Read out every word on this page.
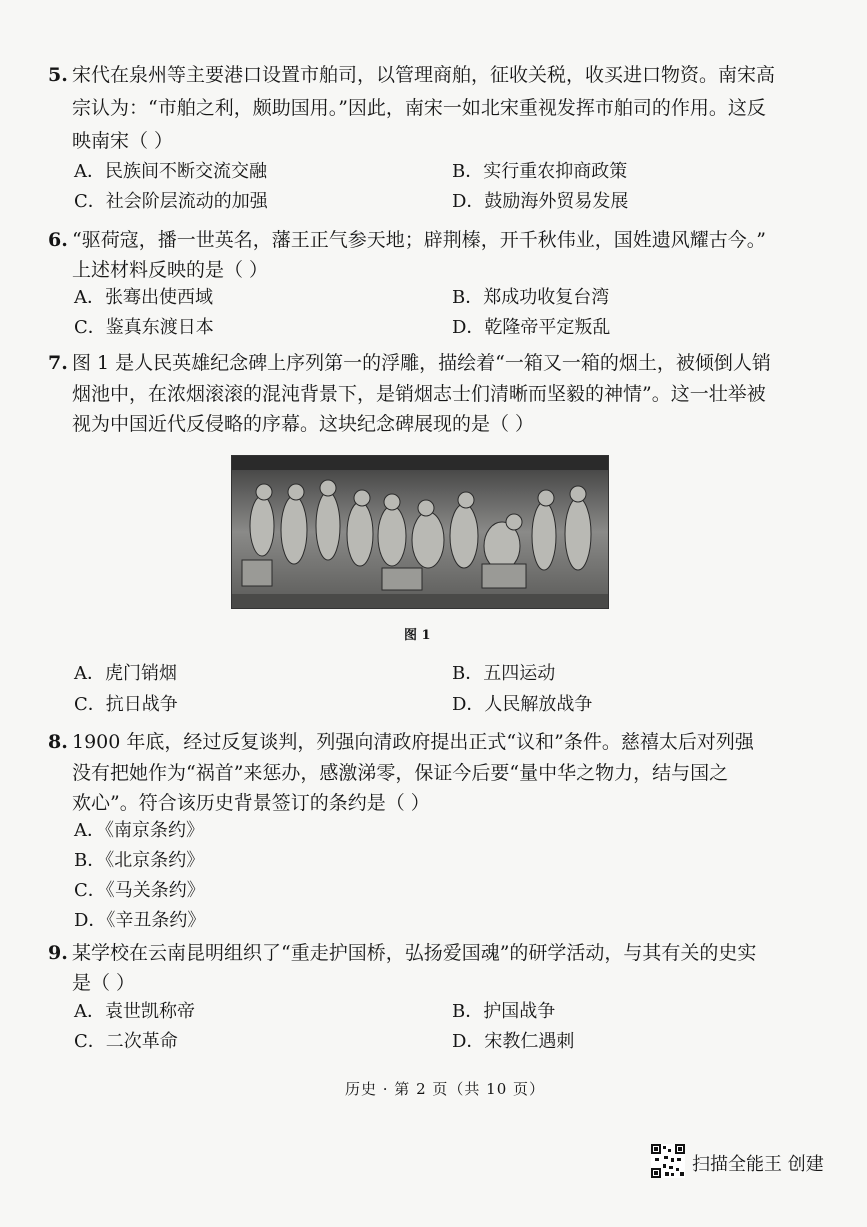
5. 宋代在泉州等主要港口设置市舶司，以管理商舶，征收关税，收买进口物资。南宋高
宗认为：“市舶之利，颇助国用。”因此，南宋一如北宋重视发挥市舶司的作用。这反
映南宋（ ）
A．民族间不断交流交融	B．实行重农抑商政策
C．社会阶层流动的加强	D．鼓励海外贸易发展
6. “驱荷寇，播一世英名，藩王正气参天地；辟荆榛，开千秋伟业，国姓遗风耀古今。”
上述材料反映的是（ ）
A．张骞出使西域	B．郑成功收复台湾
C．鉴真东渡日本	D．乾隆帝平定叛乱
7. 图 1 是人民英雄纪念碑上序列第一的浮雕，描绘着“一箱又一箱的烟土，被倾倒人销
烟池中，在浓烟滚滚的混沌背景下，是销烟志士们清晰而坚毅的神情”。这一壮举被
视为中国近代反侵略的序幕。这块纪念碑展现的是（ ）
图 1
A．虎门销烟	B．五四运动
C．抗日战争	D．人民解放战争
8. 1900 年底，经过反复谈判，列强向清政府提出正式“议和”条件。慈禧太后对列强
没有把她作为“祸首”来惩办，感激涕零，保证今后要“量中华之物力，结与国之
欢心”。符合该历史背景签订的条约是（ ）
A．《南京条约》
B．《北京条约》
C．《马关条约》
D．《辛丑条约》
9. 某学校在云南昆明组织了“重走护国桥，弘扬爱国魂”的研学活动，与其有关的史实
是（ ）
A．袁世凯称帝	B．护国战争
C．二次革命	D．宋教仁遇刺
历史 · 第 2 页（共 10 页）
扫描全能王 创建
